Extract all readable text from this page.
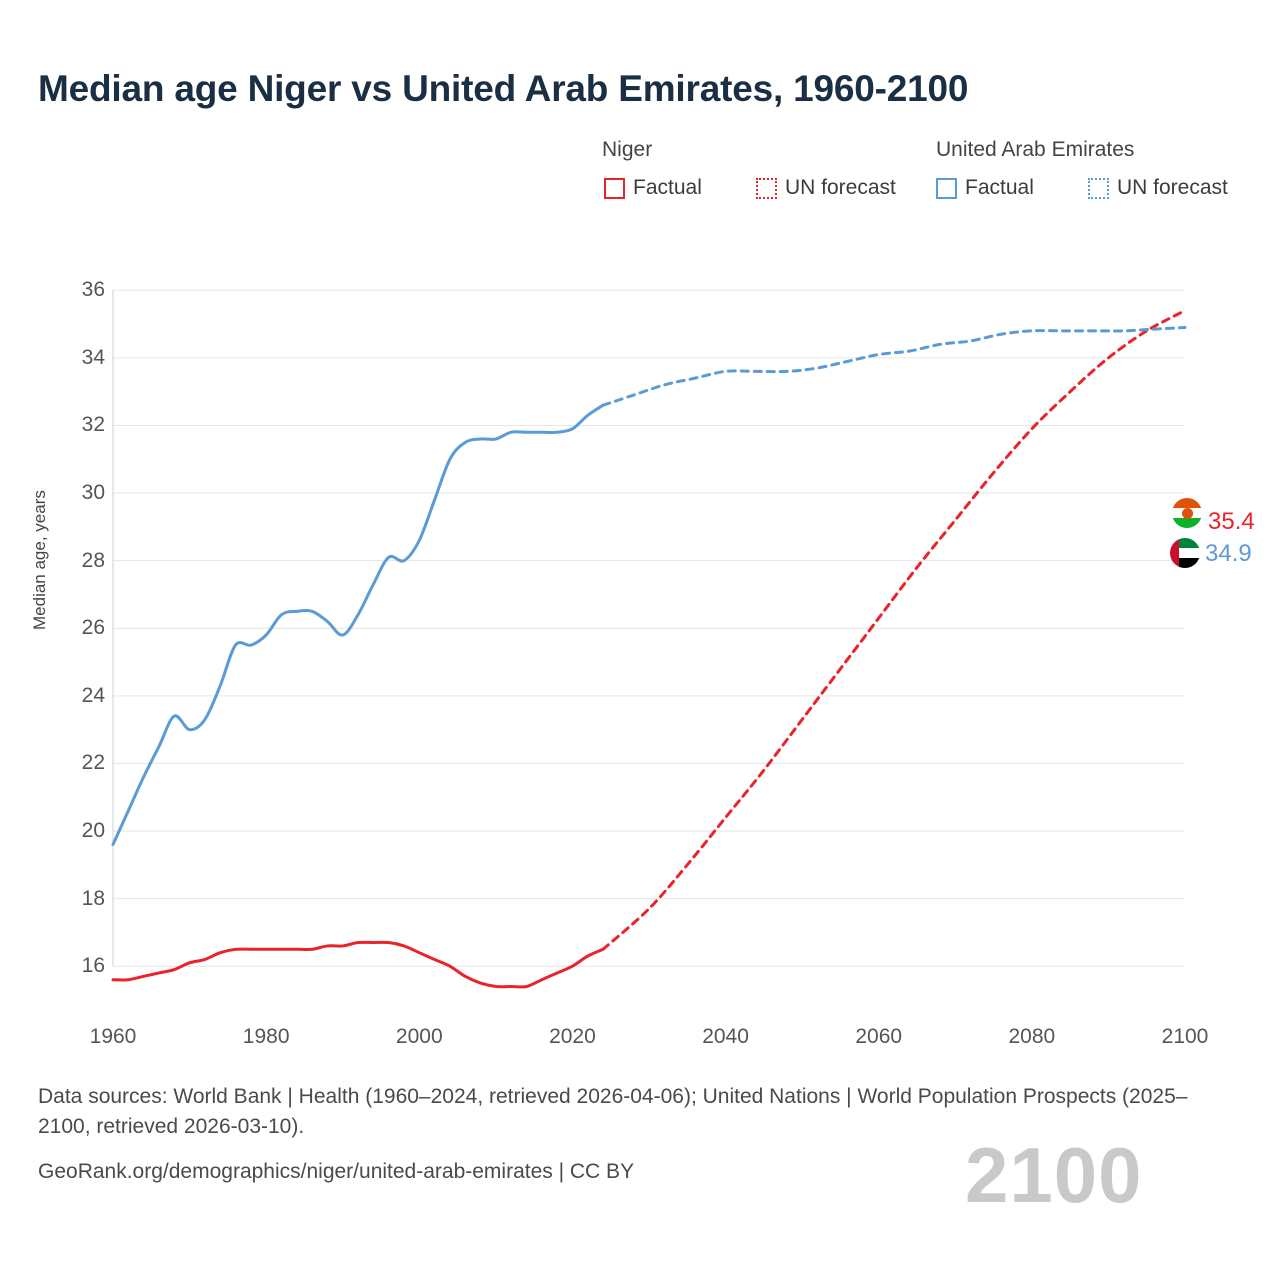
Median age Niger vs United Arab Emirates, 1960-2100
Niger	United Arab Emirates
Factual	UN forecast	Factual	UN forecast
Median age, years
16
18
20
22
24
26
28
30
32
34
36
1960	1980	2000	2020	2040	2060	2080	2100
2100
35.4
34.9
Data sources: World Bank | Health (1960–2024, retrieved 2026-04-06); United Nations | World Population Prospects (2025–2100, retrieved 2026-03-10).
GeoRank.org/demographics/niger/united-arab-emirates | CC BY
